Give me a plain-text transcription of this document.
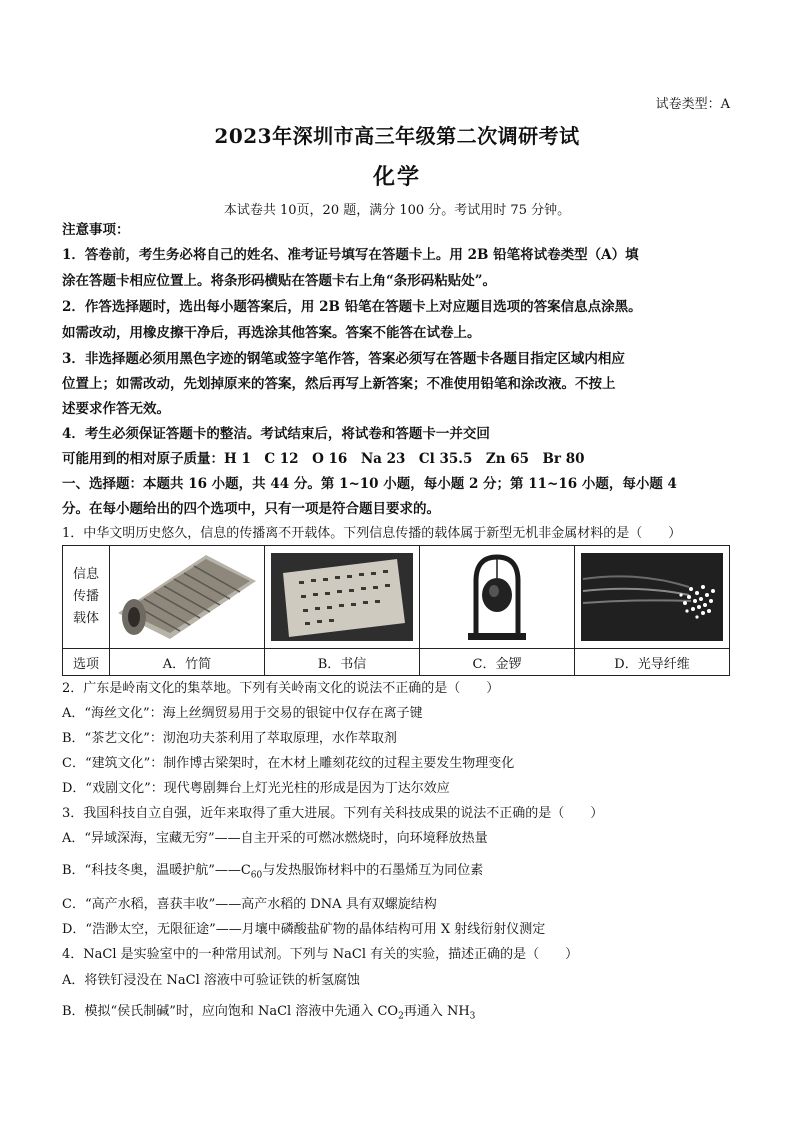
试卷类型：A
2023年深圳市高三年级第二次调研考试
化学
本试卷共 10页，20 题，满分 100 分。考试用时 75 分钟。
注意事项：
1．答卷前，考生务必将自己的姓名、准考证号填写在答题卡上。用 2B 铅笔将试卷类型（A）填
涂在答题卡相应位置上。将条形码横贴在答题卡右上角“条形码粘贴处”。
2．作答选择题时，选出每小题答案后，用 2B 铅笔在答题卡上对应题目选项的答案信息点涂黑。
如需改动，用橡皮擦干净后，再选涂其他答案。答案不能答在试卷上。
3．非选择题必须用黑色字迹的钢笔或签字笔作答，答案必须写在答题卡各题目指定区域内相应
位置上；如需改动，先划掉原来的答案，然后再写上新答案；不准使用铅笔和涂改液。不按上
述要求作答无效。
4．考生必须保证答题卡的整洁。考试结束后，将试卷和答题卡一并交回
可能用到的相对原子质量：H 1　C 12　O 16　Na 23　Cl 35.5　Zn 65　Br 80
一、选择题：本题共 16 小题，共 44 分。第 1~10 小题，每小题 2 分；第 11~16 小题，每小题 4
分。在每小题给出的四个选项中，只有一项是符合题目要求的。
1．中华文明历史悠久，信息的传播离不开载体。下列信息传播的载体属于新型无机非金属材料的是（　　）
信息
传播
载体

选项	A．竹简	B．书信	C．金锣	D．光导纤维
2．广东是岭南文化的集萃地。下列有关岭南文化的说法不正确的是（　　）
A．“海丝文化”：海上丝绸贸易用于交易的银锭中仅存在离子键
B．“茶艺文化”：沏泡功夫茶利用了萃取原理，水作萃取剂
C．“建筑文化”：制作博古梁架时，在木材上雕刻花纹的过程主要发生物理变化
D．“戏剧文化”：现代粤剧舞台上灯光光柱的形成是因为丁达尔效应
3．我国科技自立自强，近年来取得了重大进展。下列有关科技成果的说法不正确的是（　　）
A．“异域深海，宝藏无穷”——自主开采的可燃冰燃烧时，向环境释放热量
B．“科技冬奥，温暖护航$”——C_{60}$与发热服饰材料中的石墨烯互为同位素
C．“高产水稻，喜获丰收”——高产水稻的 DNA 具有双螺旋结构
D．“浩渺太空，无限征途”——月壤中磷酸盐矿物的晶体结构可用 X 射线衍射仪测定
4．NaCl 是实验室中的一种常用试剂。下列与 NaCl 有关的实验，描述正确的是（　　）
A．将铁钉浸没在 NaCl 溶液中可验证铁的析氢腐蚀
B．模拟“侯氏制碱”时，应向饱和 NaCl 溶液中先通入 $CO_2$再通入 $NH_3$
